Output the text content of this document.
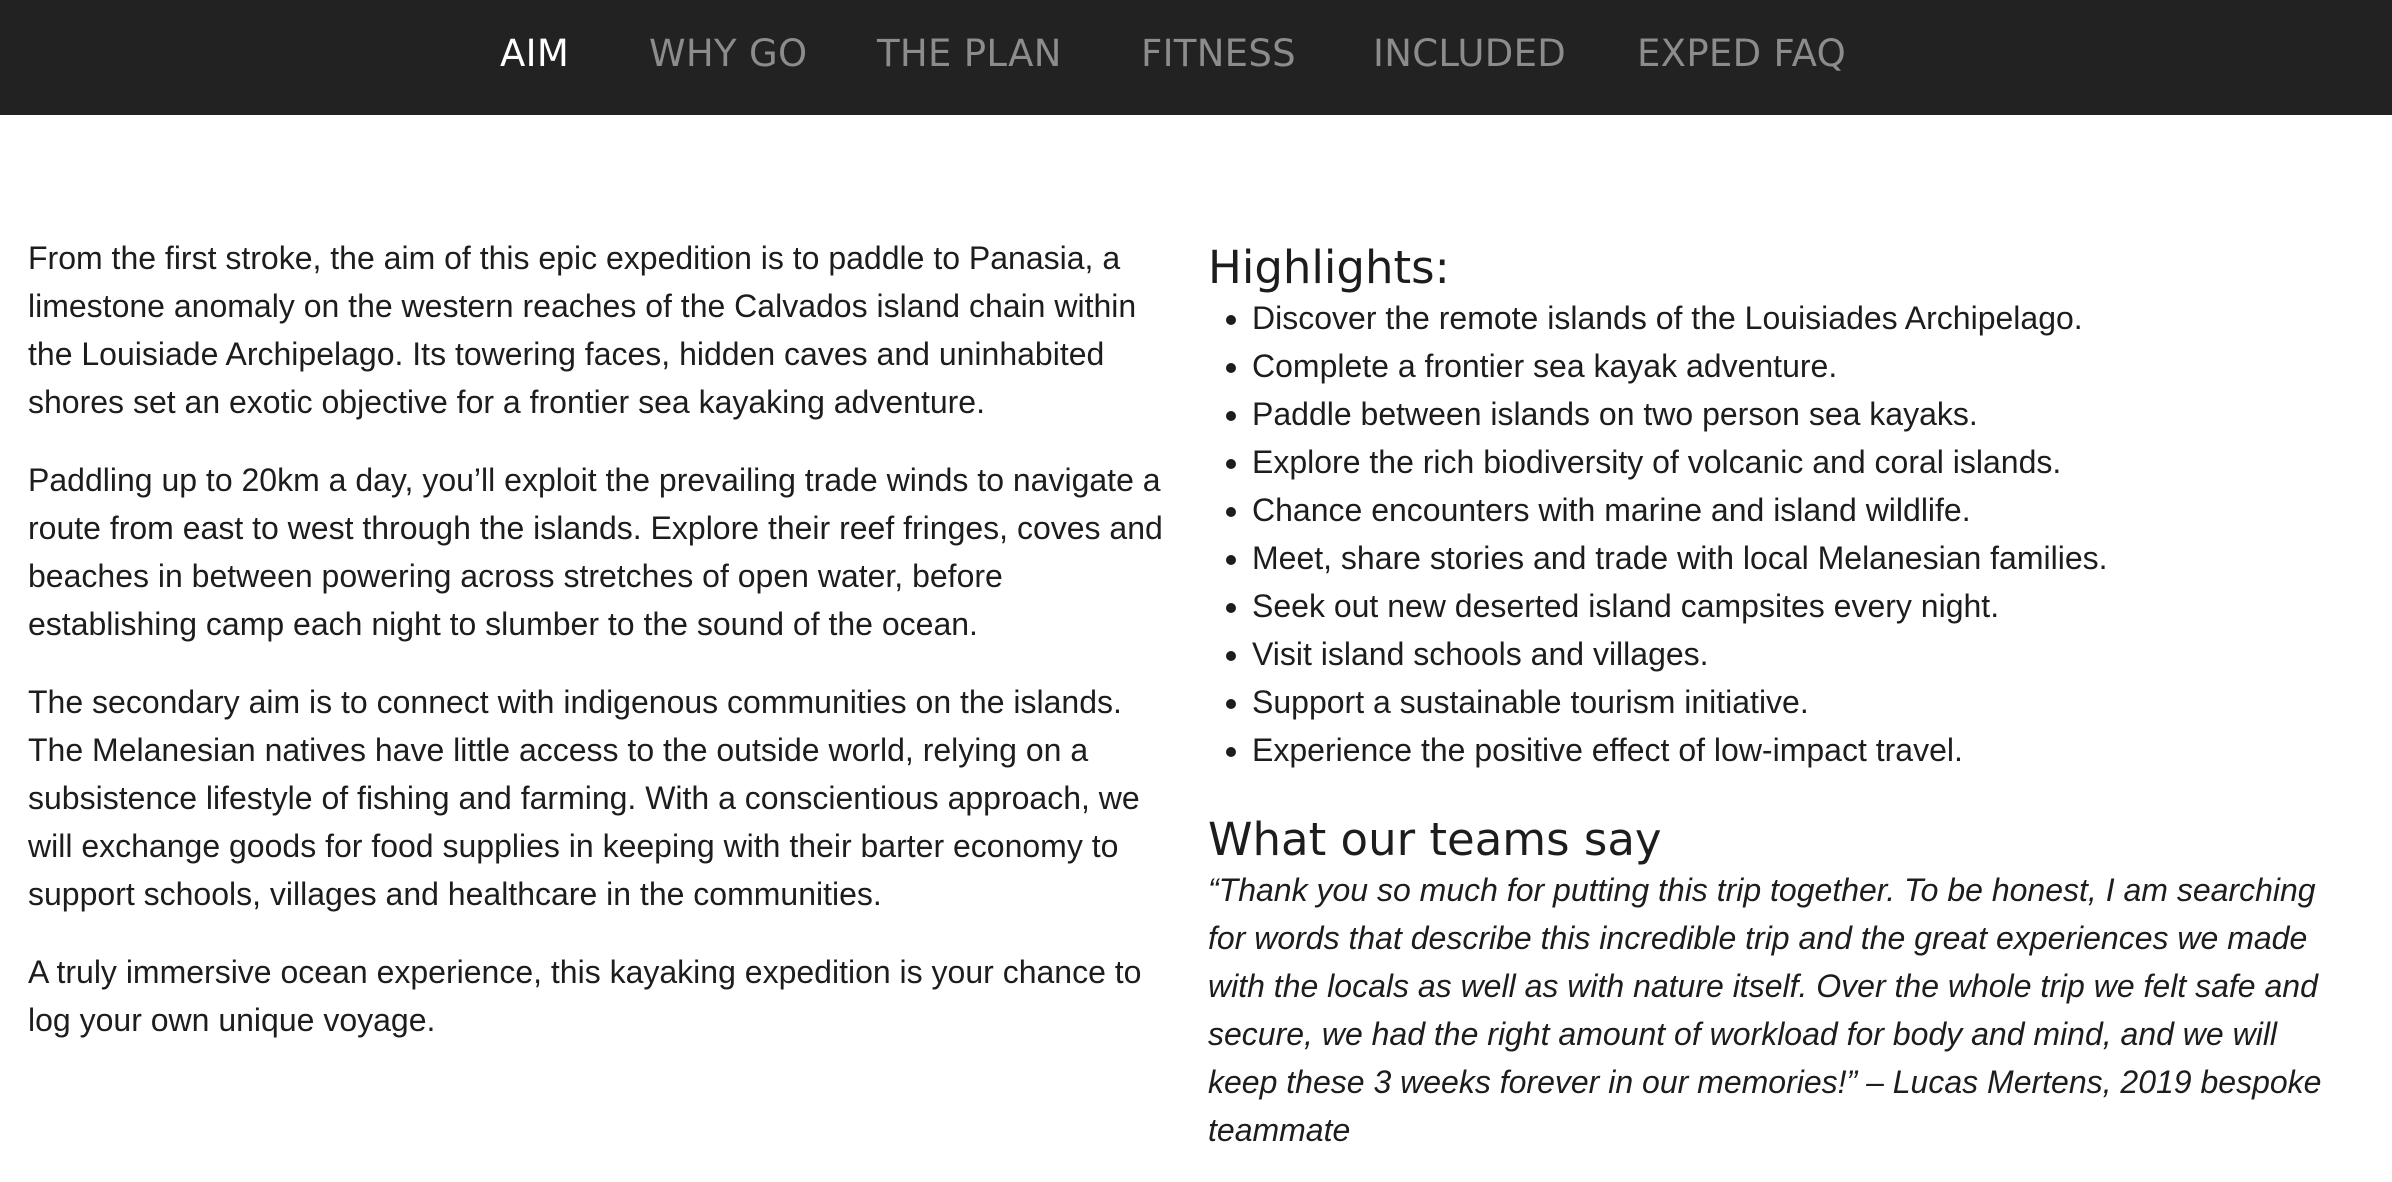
AIM WHY GO THE PLAN FITNESS INCLUDED EXPED FAQ

From the first stroke, the aim of this epic expedition is to paddle to Panasia, a limestone anomaly on the western reaches of the Calvados island chain within the Louisiade Archipelago. Its towering faces, hidden caves and uninhabited shores set an exotic objective for a frontier sea kayaking adventure.

Paddling up to 20km a day, you’ll exploit the prevailing trade winds to navigate a route from east to west through the islands. Explore their reef fringes, coves and beaches in between powering across stretches of open water, before establishing camp each night to slumber to the sound of the ocean.

The secondary aim is to connect with indigenous communities on the islands. The Melanesian natives have little access to the outside world, relying on a subsistence lifestyle of fishing and farming. With a conscientious approach, we will exchange goods for food supplies in keeping with their barter economy to support schools, villages and healthcare in the communities.

A truly immersive ocean experience, this kayaking expedition is your chance to log your own unique voyage.

Highlights:
• Discover the remote islands of the Louisiades Archipelago.
• Complete a frontier sea kayak adventure.
• Paddle between islands on two person sea kayaks.
• Explore the rich biodiversity of volcanic and coral islands.
• Chance encounters with marine and island wildlife.
• Meet, share stories and trade with local Melanesian families.
• Seek out new deserted island campsites every night.
• Visit island schools and villages.
• Support a sustainable tourism initiative.
• Experience the positive effect of low-impact travel.
What our teams say

“Thank you so much for putting this trip together. To be honest, I am searching for words that describe this incredible trip and the great experiences we made with the locals as well as with nature itself. Over the whole trip we felt safe and secure, we had the right amount of workload for body and mind, and we will keep these 3 weeks forever in our memories!” – Lucas Mertens, 2019 bespoke teammate
